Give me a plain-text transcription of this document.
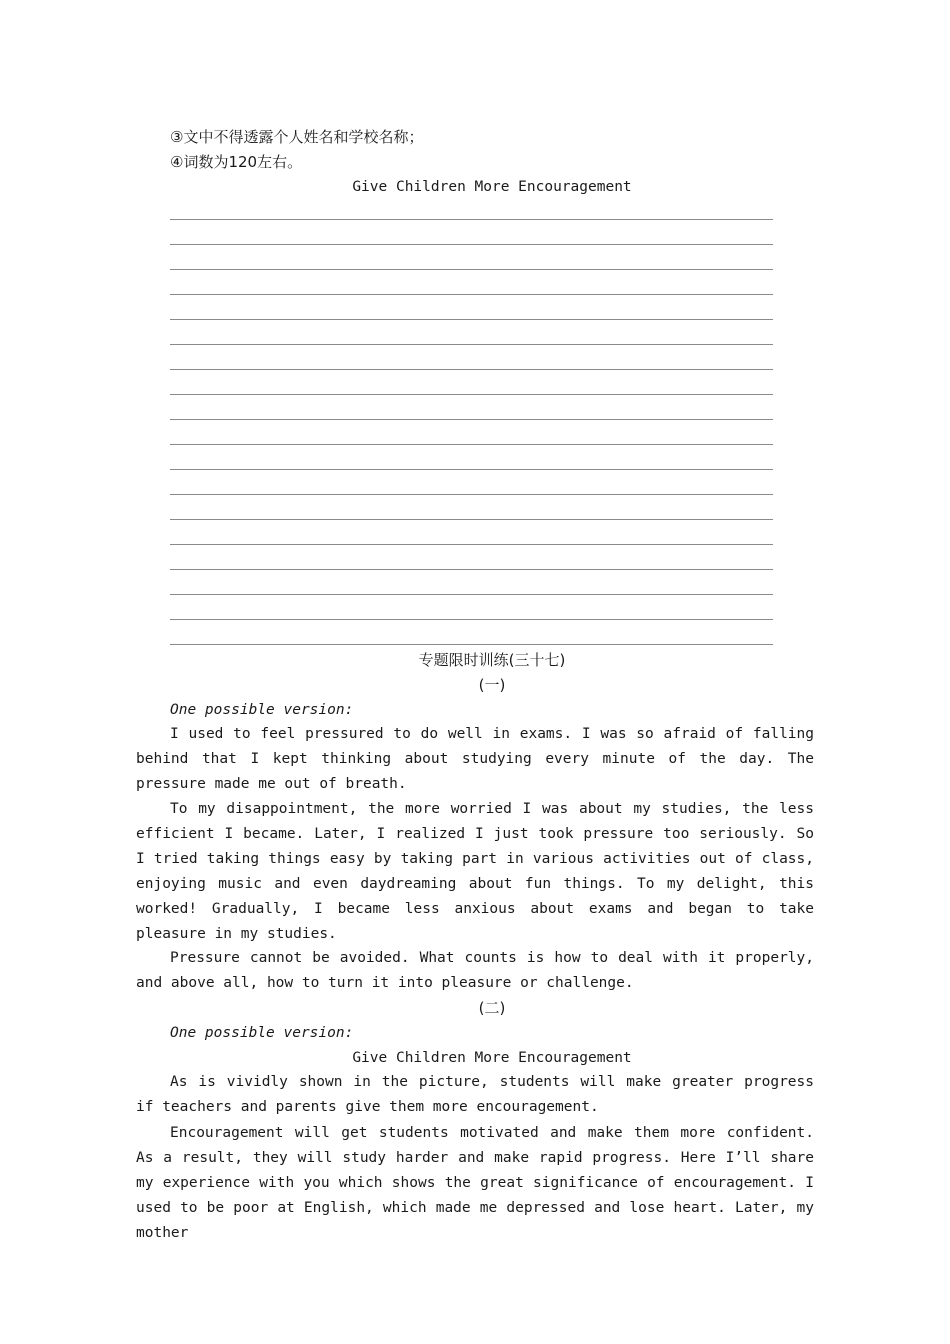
③文中不得透露个人姓名和学校名称；
④词数为120左右。
Give Children More Encouragement
专题限时训练(三十七)
(一)
One possible version:

I used to feel pressured to do well in exams. I was so afraid of falling behind that I kept thinking about studying every minute of the day. The pressure made me out of breath.

To my disappointment, the more worried I was about my studies, the less efficient I became. Later, I realized I just took pressure too seriously. So I tried taking things easy by taking part in various activities out of class, enjoying music and even daydreaming about fun things. To my delight, this worked! Gradually, I became less anxious about exams and began to take pleasure in my studies.

Pressure cannot be avoided. What counts is how to deal with it properly, and above all, how to turn it into pleasure or challenge.

(二)
One possible version:
Give Children More Encouragement

As is vividly shown in the picture, students will make greater progress if teachers and parents give them more encouragement.

Encouragement will get students motivated and make them more confident. As a result, they will study harder and make rapid progress. Here I’ll share my experience with you which shows the great significance of encouragement. I used to be poor at English, which made me depressed and lose heart. Later, my mother
